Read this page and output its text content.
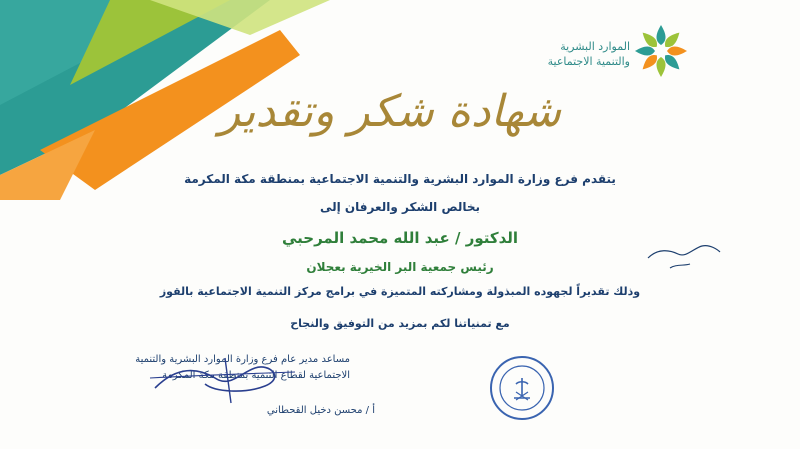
الموارد البشرية
والتنمية الاجتماعية
شهادة شكر وتقدير
يتقدم فرع وزارة الموارد البشرية والتنمية الاجتماعية بمنطقة مكة المكرمة
بخالص الشكر والعرفان إلى
الدكتور / عبد الله محمد المرحبي
رئيس جمعية البر الخيرية بعجلان
وذلك تقديراً لجهوده المبذولة ومشاركته المتميزة في برامج مركز التنمية الاجتماعية بالقوز
مع تمنياتنا لكم بمزيد من التوفيق والنجاح
مساعد مدير عام فرع وزارة الموارد البشرية والتنمية
الاجتماعية لقطاع التنمية بمنطقة مكة المكرمة
أ / محسن دخيل القحطاني
